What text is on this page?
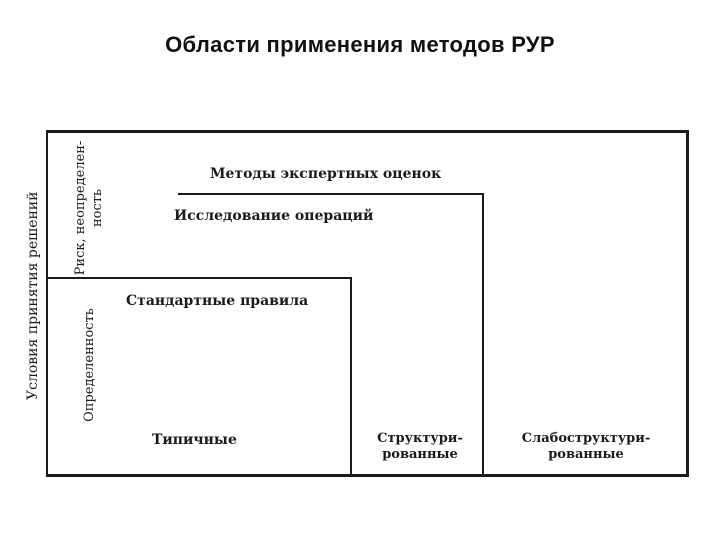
Области применения методов РУР
Методы экспертных оценок
Исследование операций
Стандартные правила
Типичные	Структури-
рованные
Слабоструктури-
рованные
Условия принятия решений Риск, неопределен- ность
Определенность
